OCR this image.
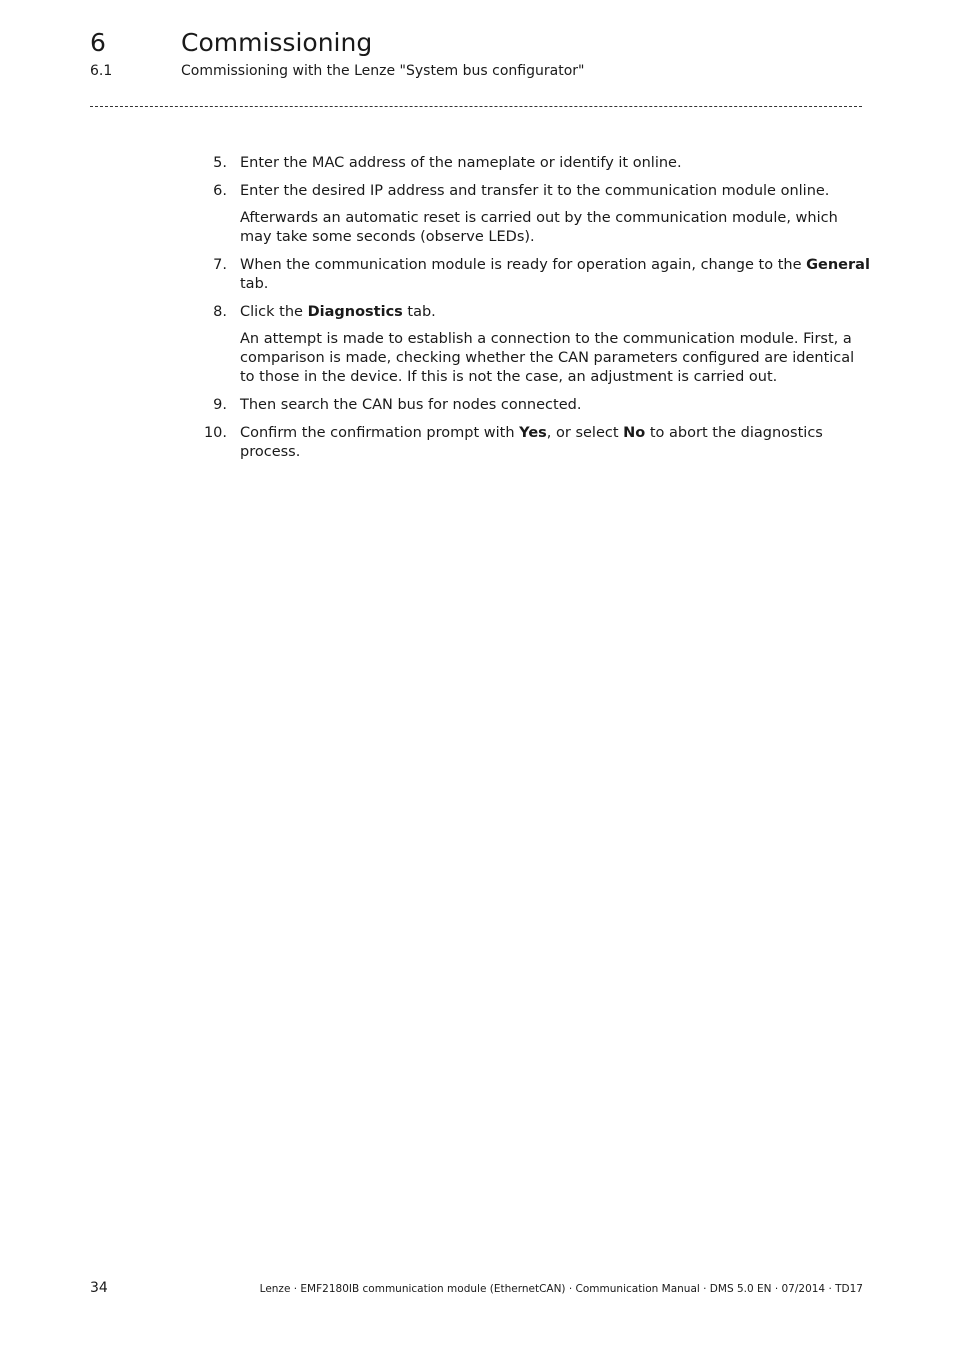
6	Commissioning
6.1	Commissioning with the Lenze "System bus configurator"
5. Enter the MAC address of the nameplate or identify it online.
6. Enter the desired IP address and transfer it to the communication module online.
Afterwards an automatic reset is carried out by the communication module, which may take some seconds (observe LEDs).
7. When the communication module is ready for operation again, change to the General tab.
8. Click the Diagnostics tab.
An attempt is made to establish a connection to the communication module. First, a comparison is made, checking whether the CAN parameters configured are identical to those in the device. If this is not the case, an adjustment is carried out.
9. Then search the CAN bus for nodes connected.
10. Confirm the confirmation prompt with Yes, or select No to abort the diagnostics process.
34	Lenze · EMF2180IB communication module (EthernetCAN) · Communication Manual · DMS 5.0 EN · 07/2014 · TD17
